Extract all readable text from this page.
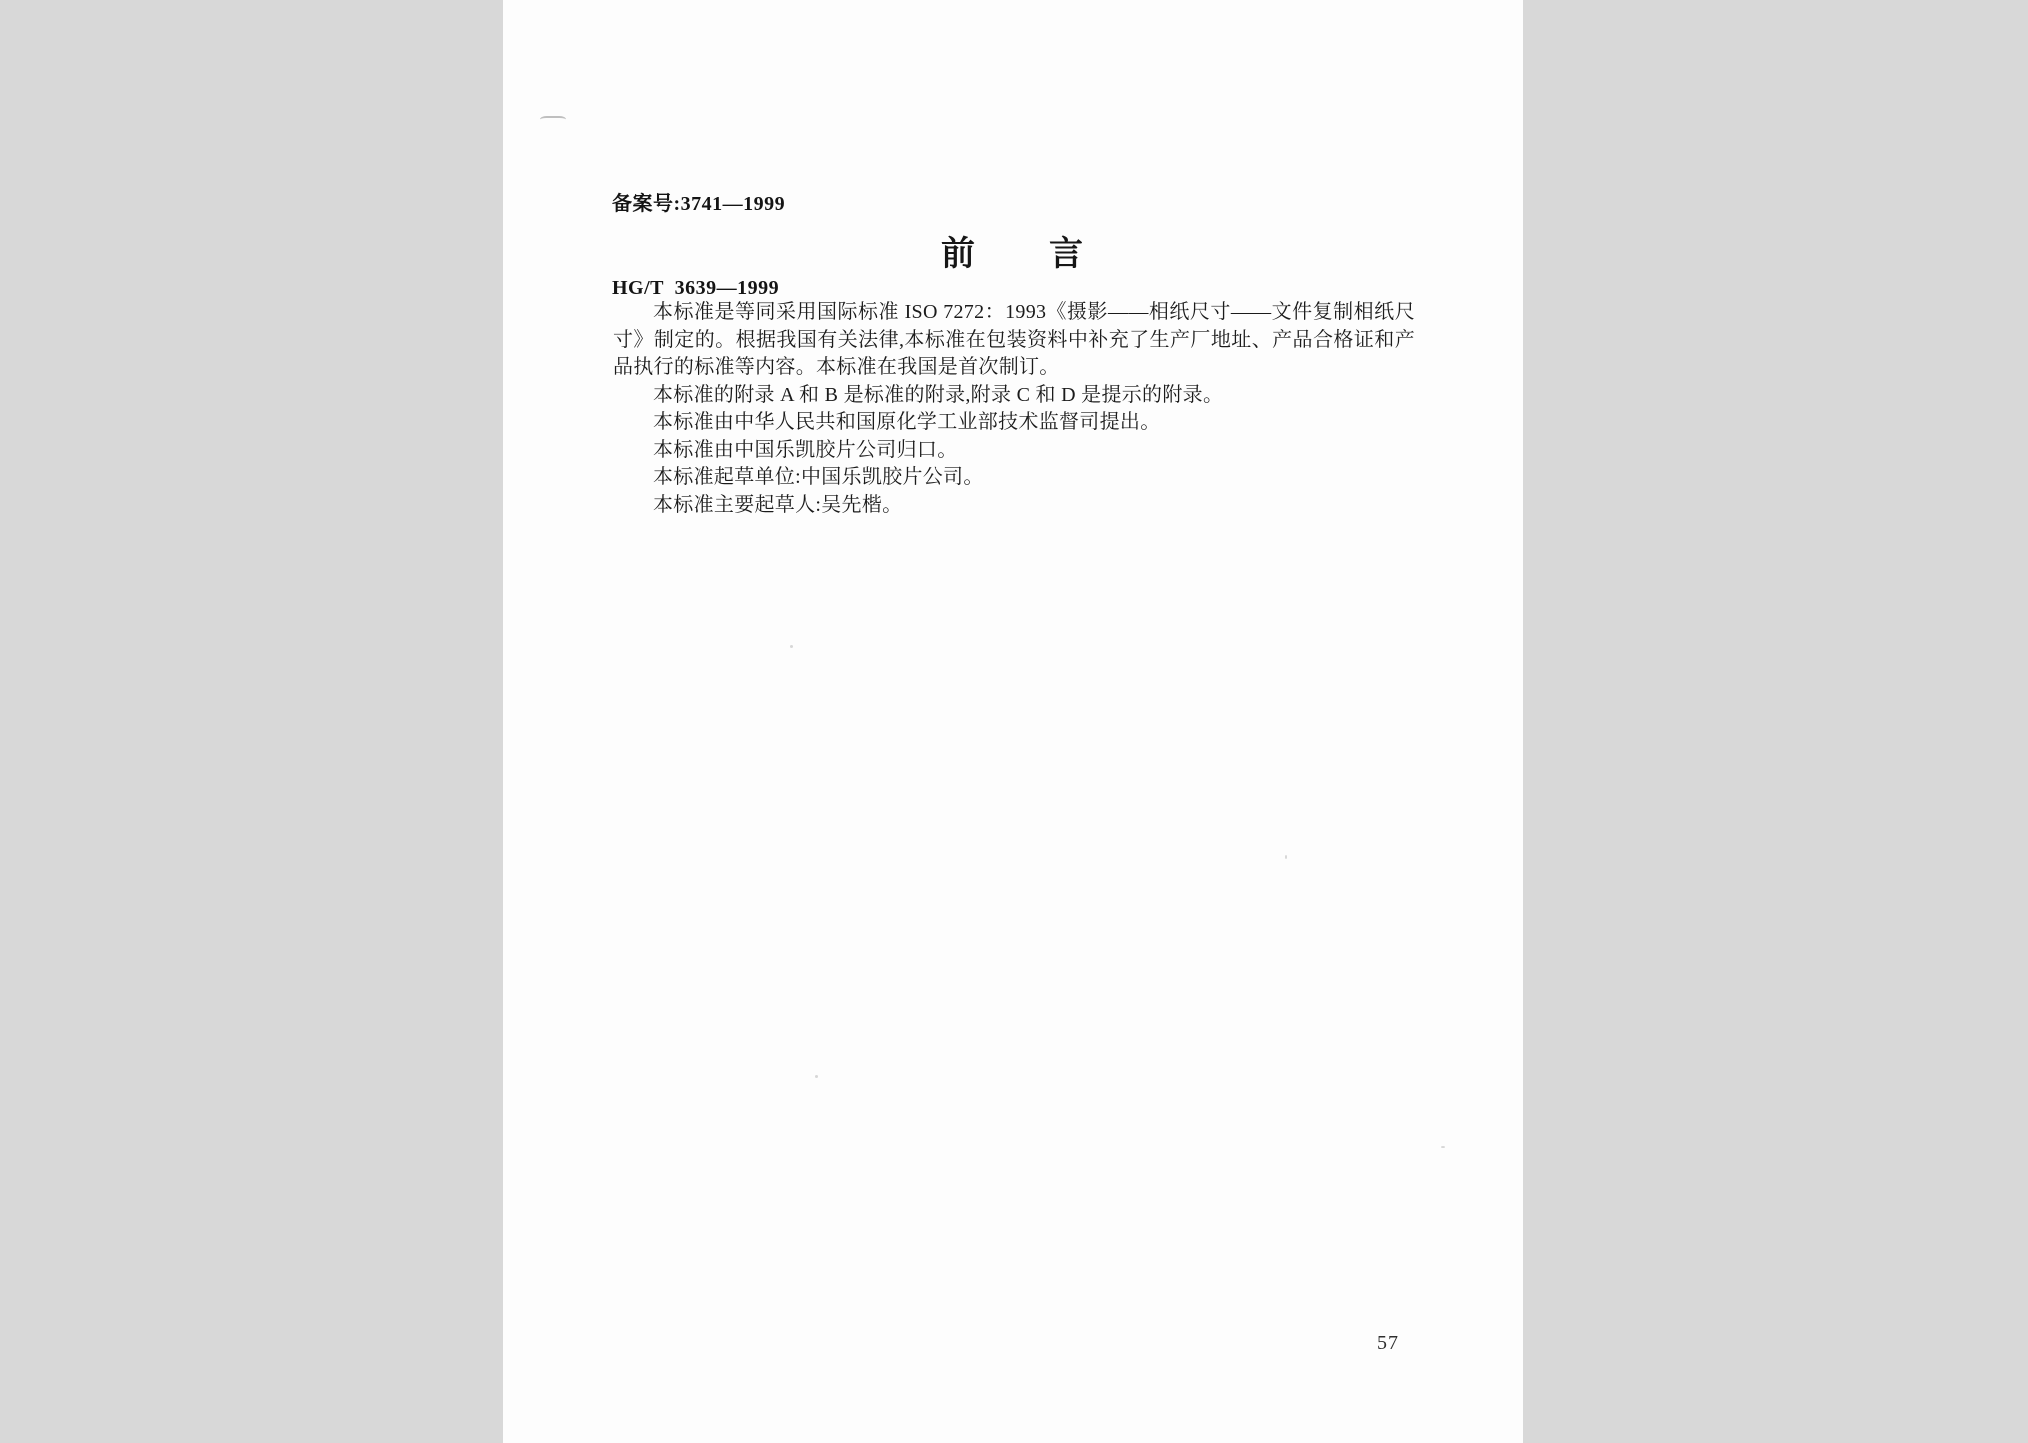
备案号:3741—1999

HG/T  3639—1999

前　　言

本标准是等同采用国际标准 ISO 7272：1993《摄影——相纸尺寸——文件复制相纸尺寸》制定的。根据我国有关法律,本标准在包装资料中补充了生产厂地址、产品合格证和产品执行的标准等内容。本标准在我国是首次制订。

本标准的附录 A 和 B 是标准的附录,附录 C 和 D 是提示的附录。

本标准由中华人民共和国原化学工业部技术监督司提出。

本标准由中国乐凯胶片公司归口。

本标准起草单位:中国乐凯胶片公司。

本标准主要起草人:吴先楷。

57
